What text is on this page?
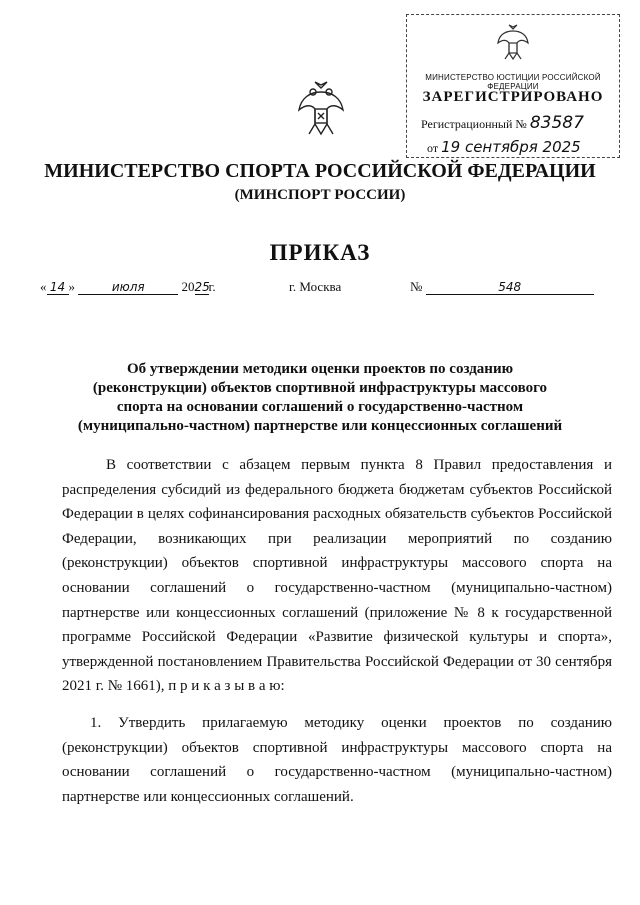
МИНИСТЕРСТВО ЮСТИЦИИ РОССИЙСКОЙ ФЕДЕРАЦИИ
ЗАРЕГИСТРИРОВАНО
Регистрационный № 83587
от 19 сентября 2025
МИНИСТЕРСТВО СПОРТА РОССИЙСКОЙ ФЕДЕРАЦИИ
(МИНСПОРТ РОССИИ)
ПРИКАЗ
« 14 »	июля	2025г.	г. Москва	№	548
Об утверждении методики оценки проектов по созданию (реконструкции) объектов спортивной инфраструктуры массового спорта на основании соглашений о государственно-частном (муниципально-частном) партнерстве или концессионных соглашений
В соответствии с абзацем первым пункта 8 Правил предоставления и распределения субсидий из федерального бюджета бюджетам субъектов Российской Федерации в целях софинансирования расходных обязательств субъектов Российской Федерации, возникающих при реализации мероприятий по созданию (реконструкции) объектов спортивной инфраструктуры массового спорта на основании соглашений о государственно-частном (муниципально-частном) партнерстве или концессионных соглашений (приложение № 8 к государственной программе Российской Федерации «Развитие физической культуры и спорта», утвержденной постановлением Правительства Российской Федерации от 30 сентября 2021 г. № 1661), п р и к а з ы в а ю:
1. Утвердить прилагаемую методику оценки проектов по созданию (реконструкции) объектов спортивной инфраструктуры массового спорта на основании соглашений о государственно-частном (муниципально-частном) партнерстве или концессионных соглашений.
